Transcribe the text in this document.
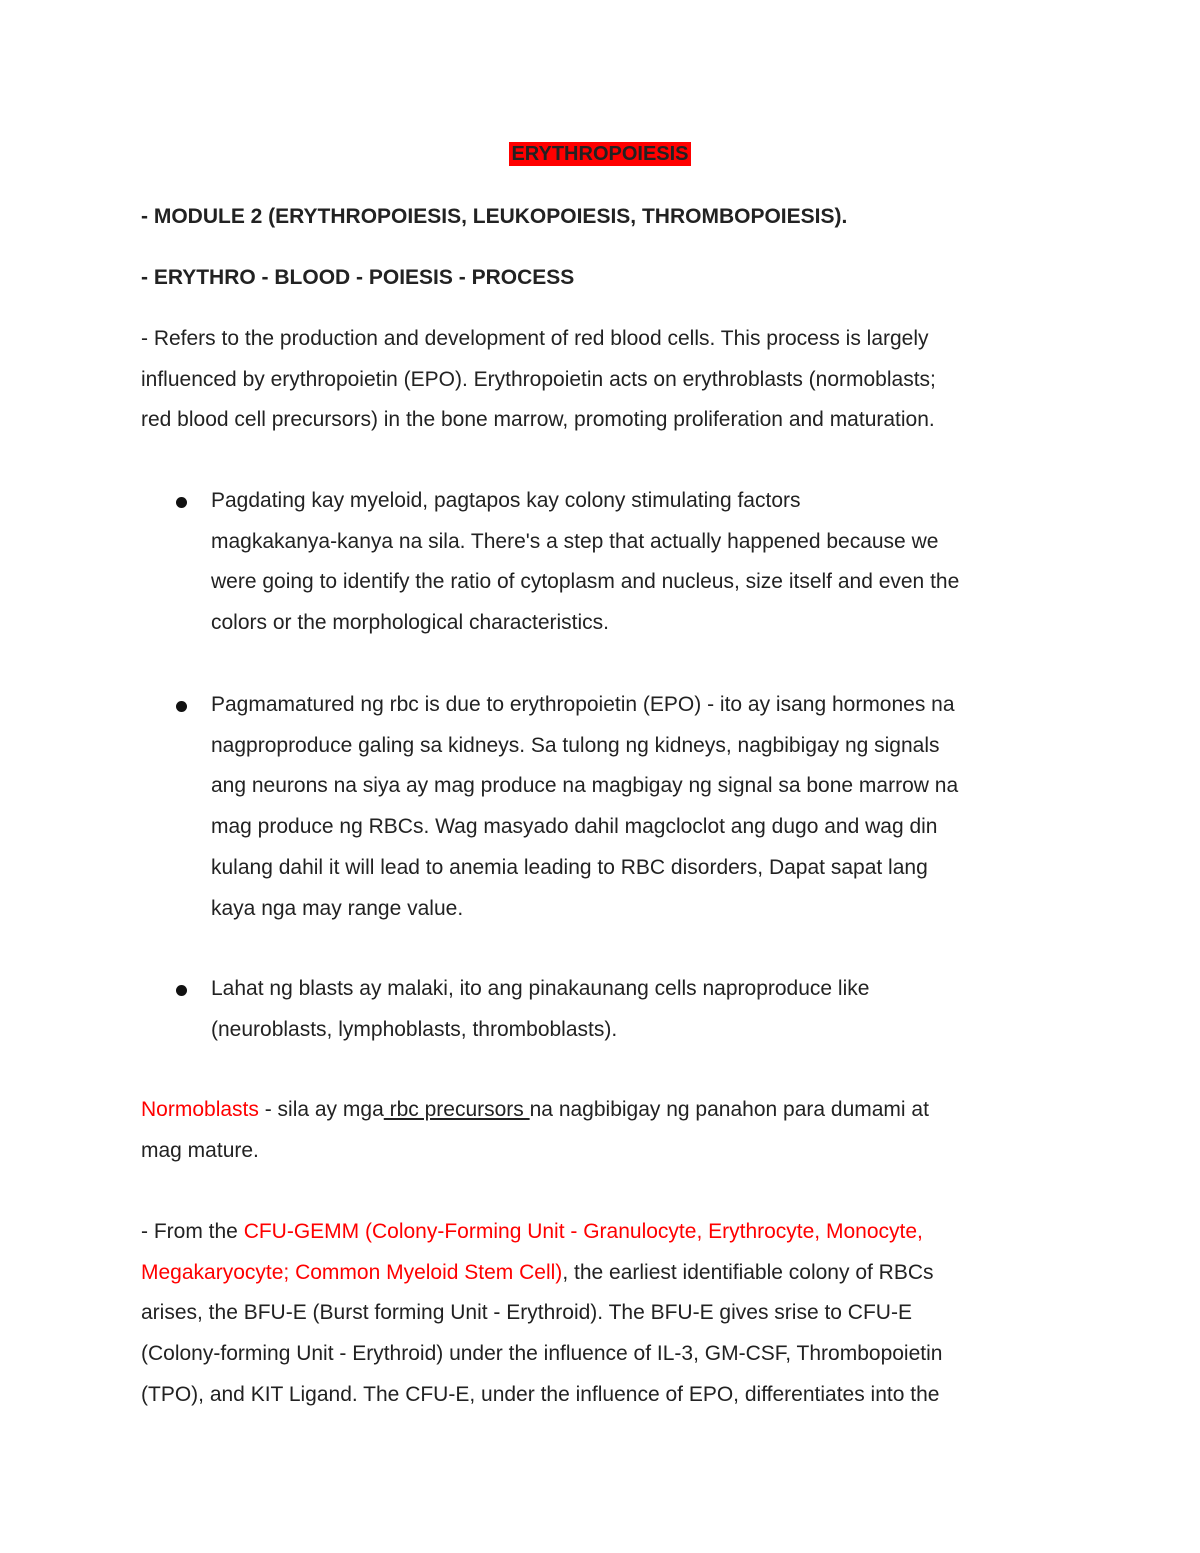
ERYTHROPOIESIS
- MODULE 2 (ERYTHROPOIESIS, LEUKOPOIESIS, THROMBOPOIESIS).
- ERYTHRO - BLOOD - POIESIS - PROCESS

- Refers to the production and development of red blood cells. This process is largely

influenced by erythropoietin (EPO). Erythropoietin acts on erythroblasts (normoblasts;

red blood cell precursors) in the bone marrow, promoting proliferation and maturation.

Pagdating kay myeloid, pagtapos kay colony stimulating factors

magkakanya-kanya na sila. There's a step that actually happened because we

were going to identify the ratio of cytoplasm and nucleus, size itself and even the

colors or the morphological characteristics.

Pagmamatured ng rbc is due to erythropoietin (EPO) - ito ay isang hormones na

nagproproduce galing sa kidneys. Sa tulong ng kidneys, nagbibigay ng signals

ang neurons na siya ay mag produce na magbigay ng signal sa bone marrow na

mag produce ng RBCs. Wag masyado dahil magcloclot ang dugo and wag din

kulang dahil it will lead to anemia leading to RBC disorders, Dapat sapat lang

kaya nga may range value.

Lahat ng blasts ay malaki, ito ang pinakaunang cells naproproduce like

(neuroblasts, lymphoblasts, thromboblasts).

Normoblasts - sila ay mga rbc precursors na nagbibigay ng panahon para dumami at

mag mature.

- From the CFU-GEMM (Colony-Forming Unit - Granulocyte, Erythrocyte, Monocyte,

Megakaryocyte; Common Myeloid Stem Cell), the earliest identifiable colony of RBCs

arises, the BFU-E (Burst forming Unit - Erythroid). The BFU-E gives srise to CFU-E

(Colony-forming Unit - Erythroid) under the influence of IL-3, GM-CSF, Thrombopoietin

(TPO), and KIT Ligand. The CFU-E, under the influence of EPO, differentiates into the
